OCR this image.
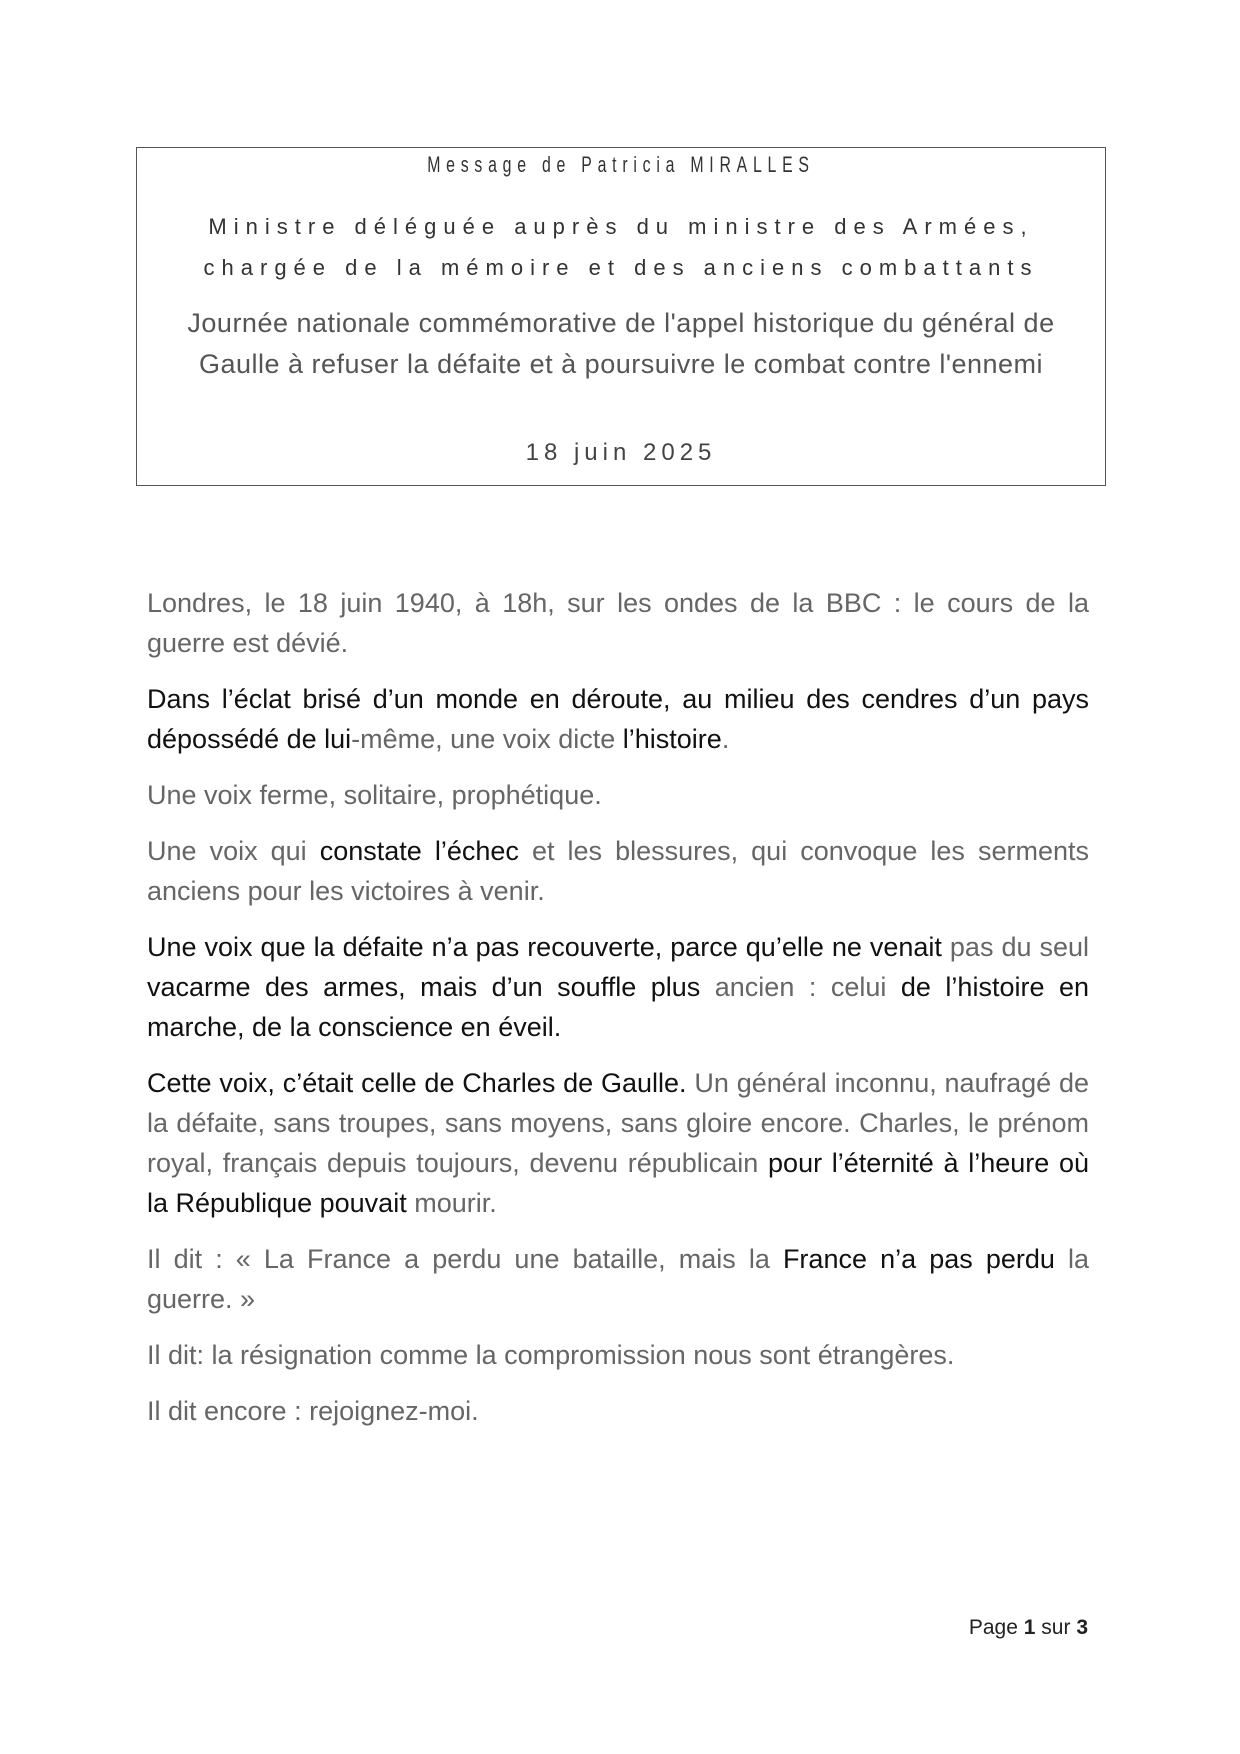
Message de Patricia MIRALLES

Ministre déléguée auprès du ministre des Armées, chargée de la mémoire et des anciens combattants

Journée nationale commémorative de l'appel historique du général de Gaulle à refuser la défaite et à poursuivre le combat contre l'ennemi

18 juin 2025

Londres, le 18 juin 1940, à 18h, sur les ondes de la BBC : le cours de la guerre est dévié.

Dans l’éclat brisé d’un monde en déroute, au milieu des cendres d’un pays dépossédé de lui-même, une voix dicte l’histoire.

Une voix ferme, solitaire, prophétique.

Une voix qui constate l’échec et les blessures, qui convoque les serments anciens pour les victoires à venir.

Une voix que la défaite n’a pas recouverte, parce qu’elle ne venait pas du seul vacarme des armes, mais d’un souffle plus ancien : celui de l’histoire en marche, de la conscience en éveil.

Cette voix, c’était celle de Charles de Gaulle. Un général inconnu, naufragé de la défaite, sans troupes, sans moyens, sans gloire encore. Charles, le prénom royal, français depuis toujours, devenu républicain pour l’éternité à l’heure où la République pouvait mourir.

Il dit : « La France a perdu une bataille, mais la France n’a pas perdu la guerre. »

Il dit: la résignation comme la compromission nous sont étrangères.

Il dit encore : rejoignez-moi.

Page 1 sur 3
